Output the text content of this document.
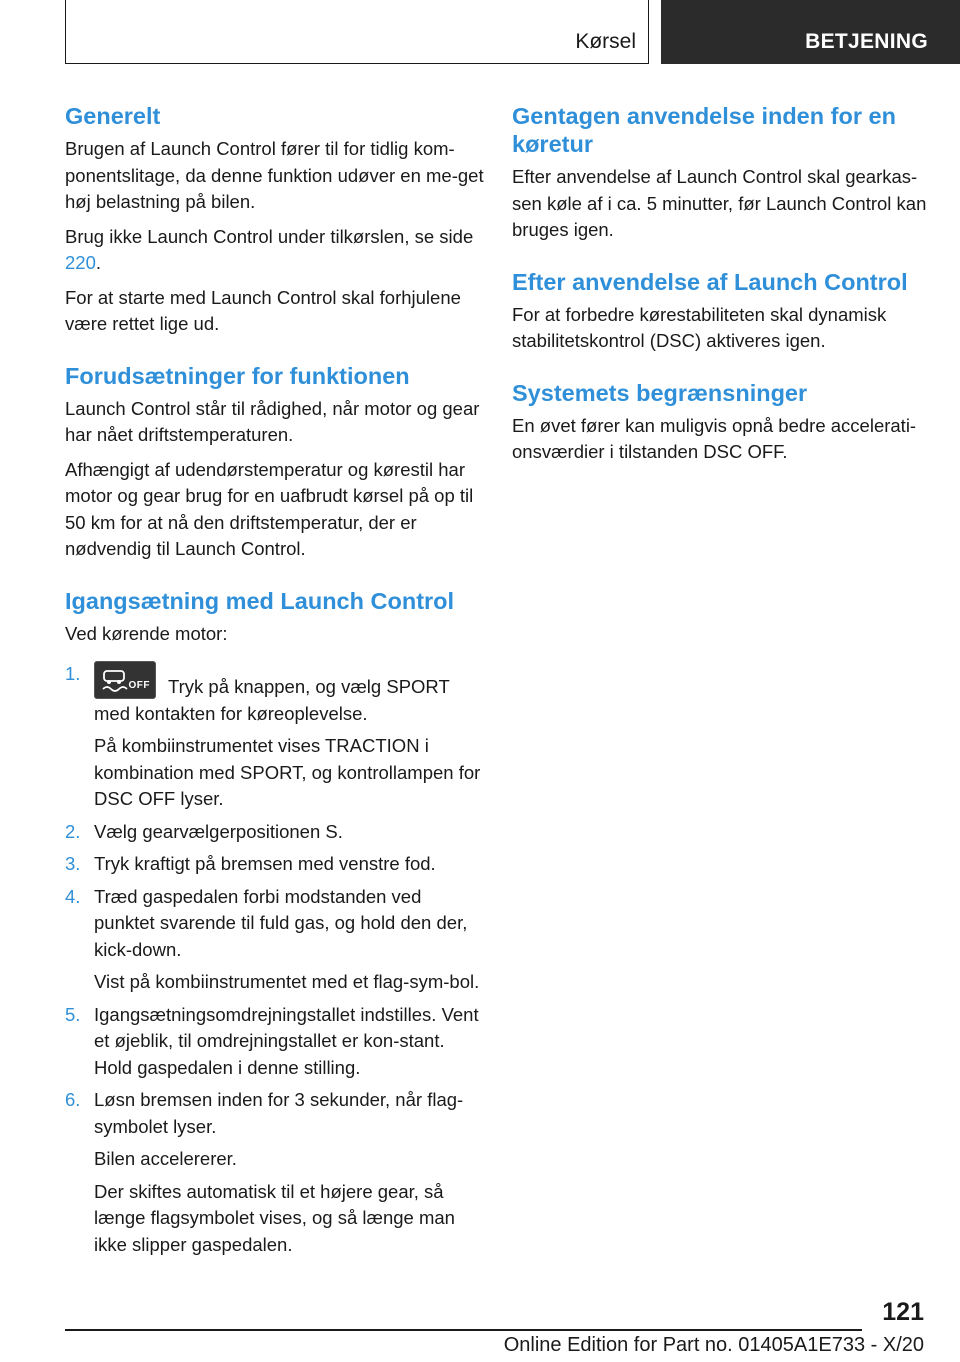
Kørsel	BETJENING
Generelt

Brugen af Launch Control fører til for tidlig kom-ponentslitage, da denne funktion udøver en me-get høj belastning på bilen.

Brug ikke Launch Control under tilkørslen, se side 220.

For at starte med Launch Control skal forhjulene være rettet lige ud.

Forudsætninger for funktionen

Launch Control står til rådighed, når motor og gear har nået driftstemperaturen.

Afhængigt af udendørstemperatur og kørestil har motor og gear brug for en uafbrudt kørsel på op til 50 km for at nå den driftstemperatur, der er nødvendig til Launch Control.

Igangsætning med Launch Control

Ved kørende motor:

1.

OFF Tryk på knappen, og vælg SPORT med kontakten for køreoplevelse.

På kombiinstrumentet vises TRACTION i kombination med SPORT, og kontrollampen for DSC OFF lyser.

2. Vælg gearvælgerpositionen S.

3. Tryk kraftigt på bremsen med venstre fod.

4. Træd gaspedalen forbi modstanden ved punktet svarende til fuld gas, og hold den der, kick-down.

Vist på kombiinstrumentet med et flag-sym-bol.

5. Igangsætningsomdrejningstallet indstilles. Vent et øjeblik, til omdrejningstallet er kon-stant. Hold gaspedalen i denne stilling.

6. Løsn bremsen inden for 3 sekunder, når flag-symbolet lyser.

Bilen accelererer.

Der skiftes automatisk til et højere gear, så længe flagsymbolet vises, og så længe man ikke slipper gaspedalen.

Gentagen anvendelse inden for en køretur

Efter anvendelse af Launch Control skal gearkas-sen køle af i ca. 5 minutter, før Launch Control kan bruges igen.

Efter anvendelse af Launch Control

For at forbedre kørestabiliteten skal dynamisk stabilitetskontrol (DSC) aktiveres igen.

Systemets begrænsninger

En øvet fører kan muligvis opnå bedre accelerati-onsværdier i tilstanden DSC OFF.

121
Online Edition for Part no. 01405A1E733 - X/20
